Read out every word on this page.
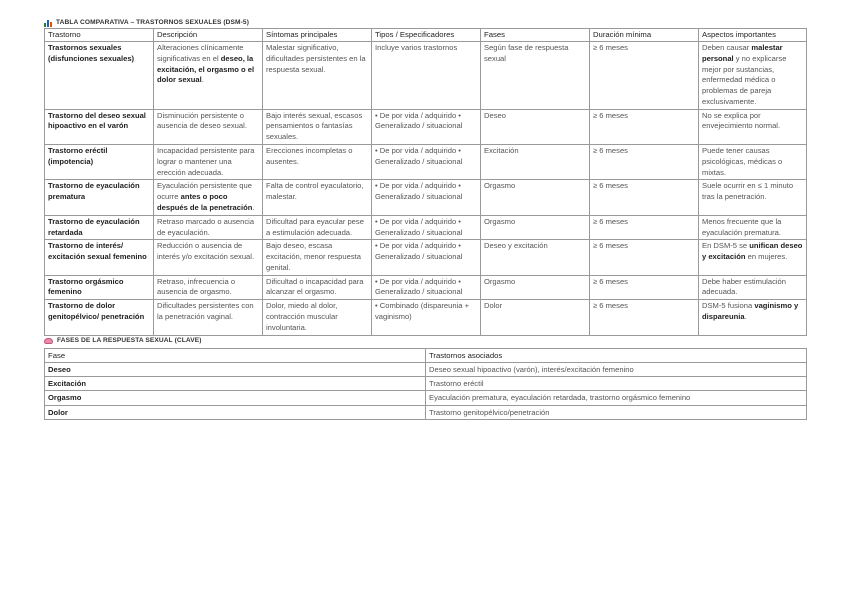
TABLA COMPARATIVA – TRASTORNOS SEXUALES (DSM-5)
Trastorno	Descripción	Síntomas principales	Tipos / Especificadores	Fases	Duración mínima	Aspectos importantes
Trastornos sexuales (disfunciones sexuales)	Alteraciones clínicamente significativas en el deseo, la excitación, el orgasmo o el dolor sexual.	Malestar significativo, dificultades persistentes en la respuesta sexual.	Incluye varios trastornos	Según fase de respuesta sexual	≥ 6 meses	Deben causar malestar personal y no explicarse mejor por sustancias, enfermedad médica o problemas de pareja exclusivamente.
Trastorno del deseo sexual hipoactivo en el varón	Disminución persistente o ausencia de deseo sexual.	Bajo interés sexual, escasos pensamientos o fantasías sexuales.	• De por vida / adquirido • Generalizado / situacional	Deseo	≥ 6 meses	No se explica por envejecimiento normal.
Trastorno eréctil (impotencia)	Incapacidad persistente para lograr o mantener una erección adecuada.	Erecciones incompletas o ausentes.	• De por vida / adquirido • Generalizado / situacional	Excitación	≥ 6 meses	Puede tener causas psicológicas, médicas o mixtas.
Trastorno de eyaculación prematura	Eyaculación persistente que ocurre antes o poco después de la penetración.	Falta de control eyaculatorio, malestar.	• De por vida / adquirido • Generalizado / situacional	Orgasmo	≥ 6 meses	Suele ocurrir en ≤ 1 minuto tras la penetración.
Trastorno de eyaculación retardada	Retraso marcado o ausencia de eyaculación.	Dificultad para eyacular pese a estimulación adecuada.	• De por vida / adquirido • Generalizado / situacional	Orgasmo	≥ 6 meses	Menos frecuente que la eyaculación prematura.
Trastorno de interés/ excitación sexual femenino	Reducción o ausencia de interés y/o excitación sexual.	Bajo deseo, escasa excitación, menor respuesta genital.	• De por vida / adquirido • Generalizado / situacional	Deseo y excitación	≥ 6 meses	En DSM-5 se unifican deseo y excitación en mujeres.
Trastorno orgásmico femenino	Retraso, infrecuencia o ausencia de orgasmo.	Dificultad o incapacidad para alcanzar el orgasmo.	• De por vida / adquirido • Generalizado / situacional	Orgasmo	≥ 6 meses	Debe haber estimulación adecuada.
Trastorno de dolor genitopélvico/ penetración	Dificultades persistentes con la penetración vaginal.	Dolor, miedo al dolor, contracción muscular involuntaria.	• Combinado (dispareunia + vaginismo)	Dolor	≥ 6 meses	DSM-5 fusiona vaginismo y dispareunia.
FASES DE LA RESPUESTA SEXUAL (CLAVE)
Fase	Trastornos asociados
Deseo	Deseo sexual hipoactivo (varón), interés/excitación femenino
Excitación	Trastorno eréctil
Orgasmo	Eyaculación prematura, eyaculación retardada, trastorno orgásmico femenino
Dolor	Trastorno genitopélvico/penetración
